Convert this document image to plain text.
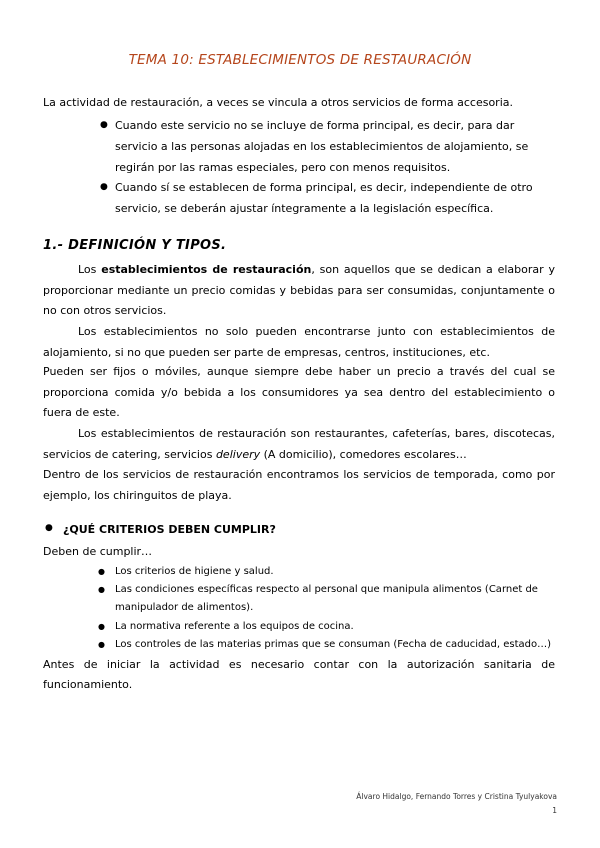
TEMA 10: ESTABLECIMIENTOS DE RESTAURACIÓN
La actividad de restauración, a veces se vincula a otros servicios de forma accesoria.
● Cuando este servicio no se incluye de forma principal, es decir, para dar servicio a las personas alojadas en los establecimientos de alojamiento, se regirán por las ramas especiales, pero con menos requisitos.
● Cuando sí se establecen de forma principal, es decir, independiente de otro servicio, se deberán ajustar íntegramente a la legislación específica.
1.- DEFINICIÓN Y TIPOS.
Los establecimientos de restauración, son aquellos que se dedican a elaborar y proporcionar mediante un precio comidas y bebidas para ser consumidas, conjuntamente o no con otros servicios.
Los establecimientos no solo pueden encontrarse junto con establecimientos de alojamiento, si no que pueden ser parte de empresas, centros, instituciones, etc.
Pueden ser fijos o móviles, aunque siempre debe haber un precio a través del cual se proporciona comida y/o bebida a los consumidores ya sea dentro del establecimiento o fuera de este.
Los establecimientos de restauración son restaurantes, cafeterías, bares, discotecas, servicios de catering, servicios delivery (A domicilio), comedores escolares…
Dentro de los servicios de restauración encontramos los servicios de temporada, como por ejemplo, los chiringuitos de playa.
● ¿QUÉ CRITERIOS DEBEN CUMPLIR?
Deben de cumplir…
● Los criterios de higiene y salud.
● Las condiciones específicas respecto al personal que manipula alimentos (Carnet de manipulador de alimentos).
● La normativa referente a los equipos de cocina.
● Los controles de las materias primas que se consuman (Fecha de caducidad, estado…)
Antes de iniciar la actividad es necesario contar con la autorización sanitaria de funcionamiento.
Álvaro Hidalgo, Fernando Torres y Cristina Tyulyakova
1
